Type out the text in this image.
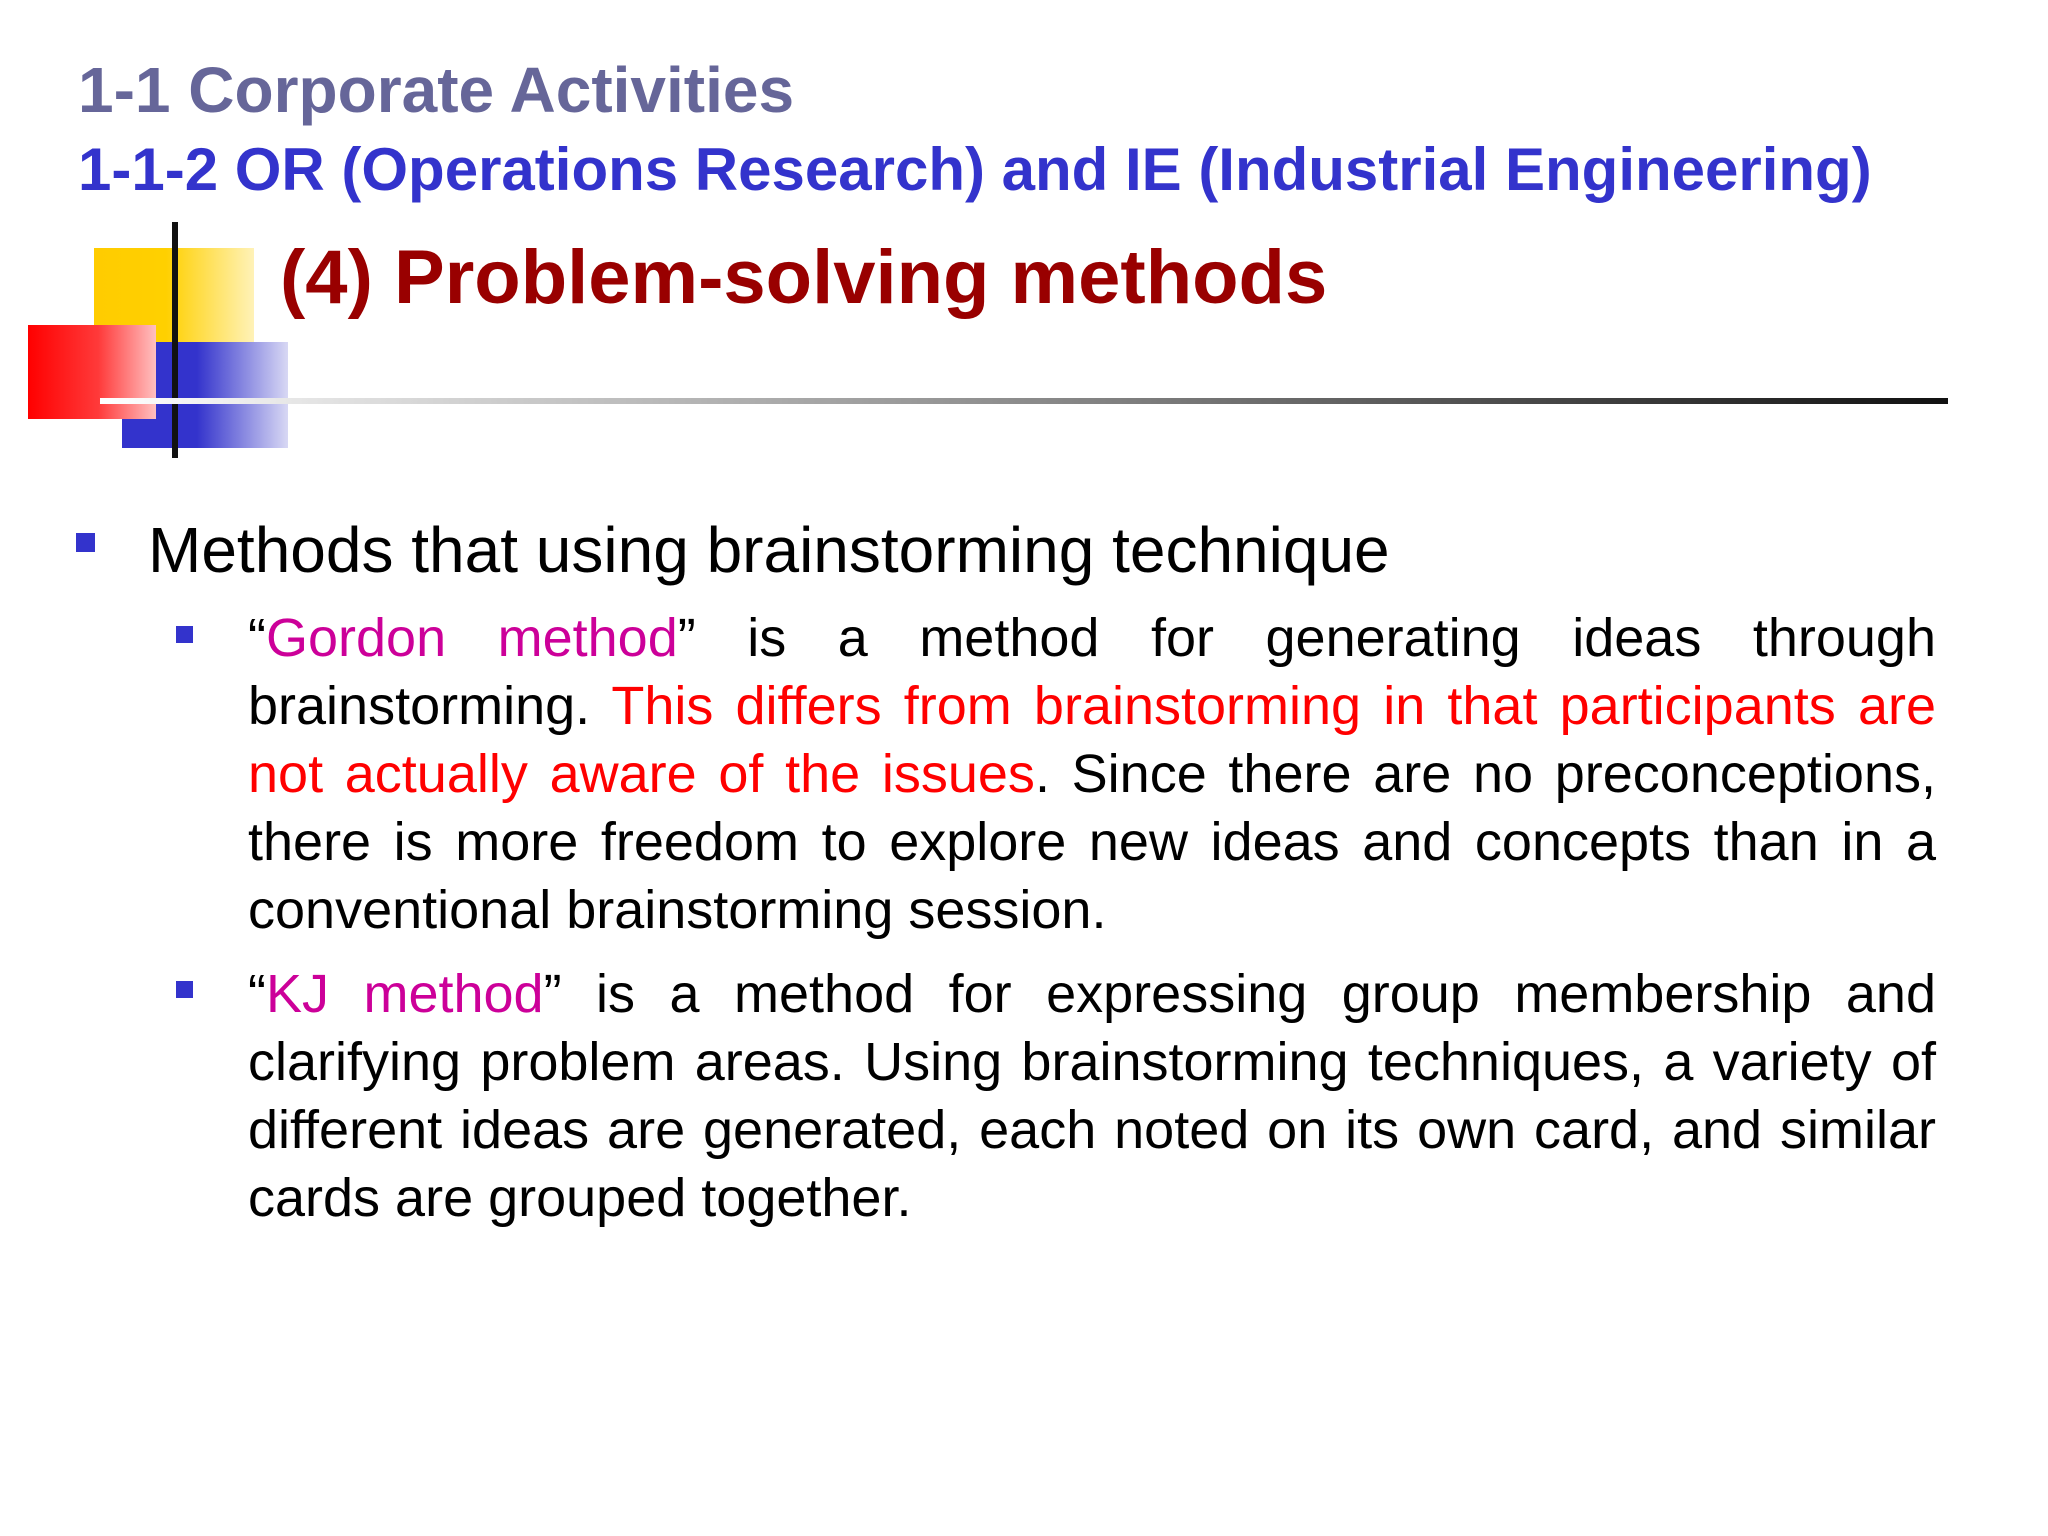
1-1 Corporate Activities
1-1-2 OR (Operations Research) and IE (Industrial Engineering)
(4) Problem-solving methods
Methods that using brainstorming technique
“Gordon method” is a method for generating ideas through brainstorming. This differs from brainstorming in that participants are not actually aware of the issues. Since there are no preconceptions, there is more freedom to explore new ideas and concepts than in a conventional brainstorming session.
“KJ method” is a method for expressing group membership and clarifying problem areas. Using brainstorming techniques, a variety of different ideas are generated, each noted on its own card, and similar cards are grouped together.
